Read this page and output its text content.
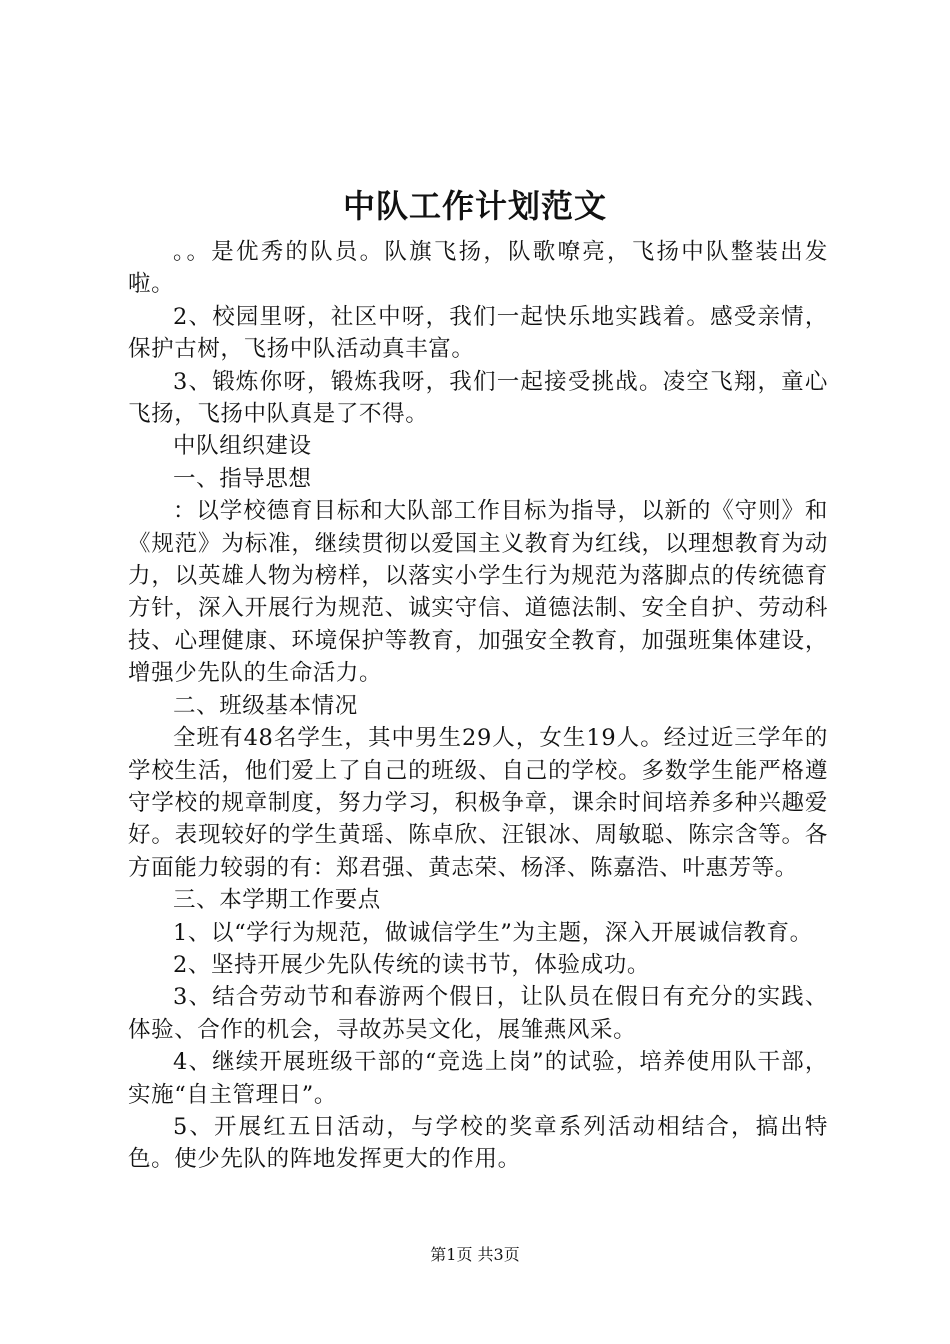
中队工作计划范文

。。是优秀的队员。队旗飞扬，队歌嘹亮，飞扬中队整装出发啦。

2、校园里呀，社区中呀，我们一起快乐地实践着。感受亲情，保护古树，飞扬中队活动真丰富。

3、锻炼你呀，锻炼我呀，我们一起接受挑战。凌空飞翔，童心飞扬，飞扬中队真是了不得。

中队组织建设

一、指导思想

：以学校德育目标和大队部工作目标为指导，以新的《守则》和《规范》为标准，继续贯彻以爱国主义教育为红线，以理想教育为动力，以英雄人物为榜样，以落实小学生行为规范为落脚点的传统德育方针，深入开展行为规范、诚实守信、道德法制、安全自护、劳动科技、心理健康、环境保护等教育，加强安全教育，加强班集体建设，增强少先队的生命活力。

二、班级基本情况

全班有48名学生，其中男生29人，女生19人。经过近三学年的学校生活，他们爱上了自己的班级、自己的学校。多数学生能严格遵守学校的规章制度，努力学习，积极争章，课余时间培养多种兴趣爱好。表现较好的学生黄瑶、陈卓欣、汪银冰、周敏聪、陈宗含等。各方面能力较弱的有：郑君强、黄志荣、杨泽、陈嘉浩、叶惠芳等。

三、本学期工作要点

1、以“学行为规范，做诚信学生”为主题，深入开展诚信教育。

2、坚持开展少先队传统的读书节，体验成功。

3、结合劳动节和春游两个假日，让队员在假日有充分的实践、体验、合作的机会，寻故苏吴文化，展雏燕风采。

4、继续开展班级干部的“竞选上岗”的试验，培养使用队干部，实施“自主管理日”。

5、开展红五日活动，与学校的奖章系列活动相结合，搞出特色。使少先队的阵地发挥更大的作用。

第1页 共3页
